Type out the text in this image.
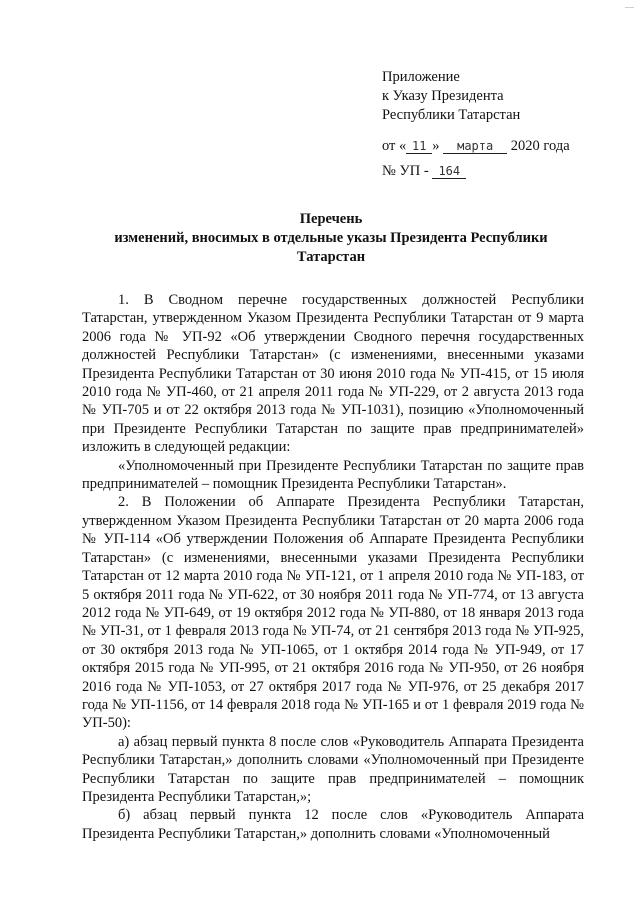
—
Приложение
к Указу Президента
Республики Татарстан
от « 11 » марта 2020 года
№ УП - 164
Перечень
изменений, вносимых в отдельные указы Президента Республики
Татарстан

1. В Сводном перечне государственных должностей Республики Татарстан, утвержденном Указом Президента Республики Татарстан от 9 марта 2006 года № УП-92 «Об утверждении Сводного перечня государственных должностей Республики Татарстан» (с изменениями, внесенными указами Президента Республики Татарстан от 30 июня 2010 года № УП-415, от 15 июля 2010 года № УП-460, от 21 апреля 2011 года № УП-229, от 2 августа 2013 года № УП-705 и от 22 октября 2013 года № УП-1031), позицию «Уполномоченный при Президенте Республики Татарстан по защите прав предпринимателей» изложить в следующей редакции:

«Уполномоченный при Президенте Республики Татарстан по защите прав предпринимателей – помощник Президента Республики Татарстан».

2. В Положении об Аппарате Президента Республики Татарстан, утвержденном Указом Президента Республики Татарстан от 20 марта 2006 года № УП-114 «Об утверждении Положения об Аппарате Президента Республики Татарстан» (с изменениями, внесенными указами Президента Республики Татарстан от 12 марта 2010 года № УП-121, от 1 апреля 2010 года № УП-183, от 5 октября 2011 года № УП-622, от 30 ноября 2011 года № УП-774, от 13 августа 2012 года № УП-649, от 19 октября 2012 года № УП-880, от 18 января 2013 года № УП-31, от 1 февраля 2013 года № УП-74, от 21 сентября 2013 года № УП-925, от 30 октября 2013 года № УП-1065, от 1 октября 2014 года № УП-949, от 17 октября 2015 года № УП-995, от 21 октября 2016 года № УП-950, от 26 ноября 2016 года № УП-1053, от 27 октября 2017 года № УП-976, от 25 декабря 2017 года № УП-1156, от 14 февраля 2018 года № УП-165 и от 1 февраля 2019 года № УП-50):

а) абзац первый пункта 8 после слов «Руководитель Аппарата Президента Республики Татарстан,» дополнить словами «Уполномоченный при Президенте Республики Татарстан по защите прав предпринимателей – помощник Президента Республики Татарстан,»;

б) абзац первый пункта 12 после слов «Руководитель Аппарата Президента Республики Татарстан,» дополнить словами «Уполномоченный
